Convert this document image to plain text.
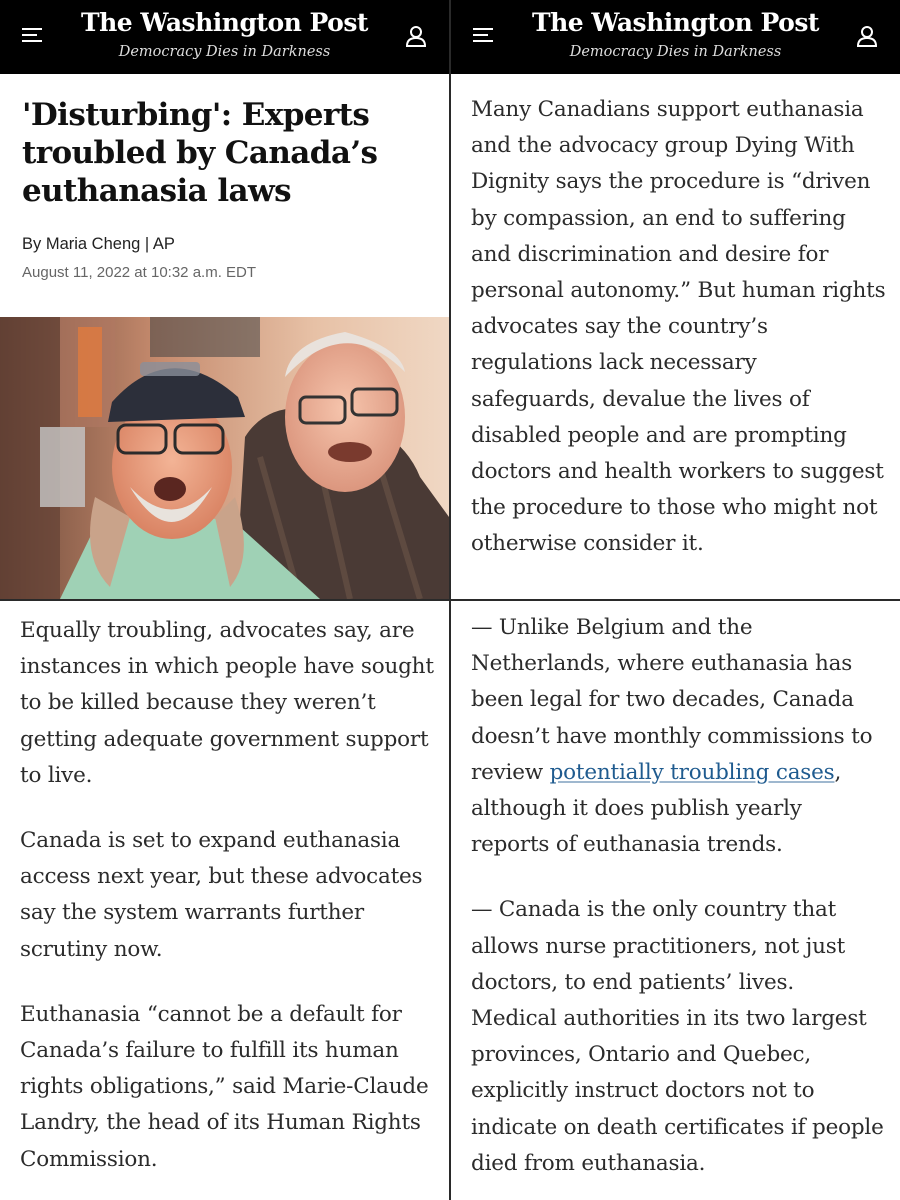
The Washington Post
Democracy Dies in Darkness
'Disturbing': Experts troubled by Canada’s euthanasia laws
By Maria Cheng | AP
August 11, 2022 at 10:32 a.m. EDT
The Washington Post
Democracy Dies in Darkness

Many Canadians support euthanasia and the advocacy group Dying With Dignity says the procedure is “driven by compassion, an end to suffering and discrimination and desire for personal autonomy.” But human rights advocates say the country’s regulations lack necessary safeguards, devalue the lives of disabled people and are prompting doctors and health workers to suggest the procedure to those who might not otherwise consider it.

Equally troubling, advocates say, are instances in which people have sought to be killed because they weren’t getting adequate government support to live.

Canada is set to expand euthanasia access next year, but these advocates say the system warrants further scrutiny now.

Euthanasia “cannot be a default for Canada’s failure to fulfill its human rights obligations,” said Marie-Claude Landry, the head of its Human Rights Commission.

— Unlike Belgium and the Netherlands, where euthanasia has been legal for two decades, Canada doesn’t have monthly commissions to review potentially troubling cases, although it does publish yearly reports of euthanasia trends.

— Canada is the only country that allows nurse practitioners, not just doctors, to end patients’ lives. Medical authorities in its two largest provinces, Ontario and Quebec, explicitly instruct doctors not to indicate on death certificates if people died from euthanasia.
